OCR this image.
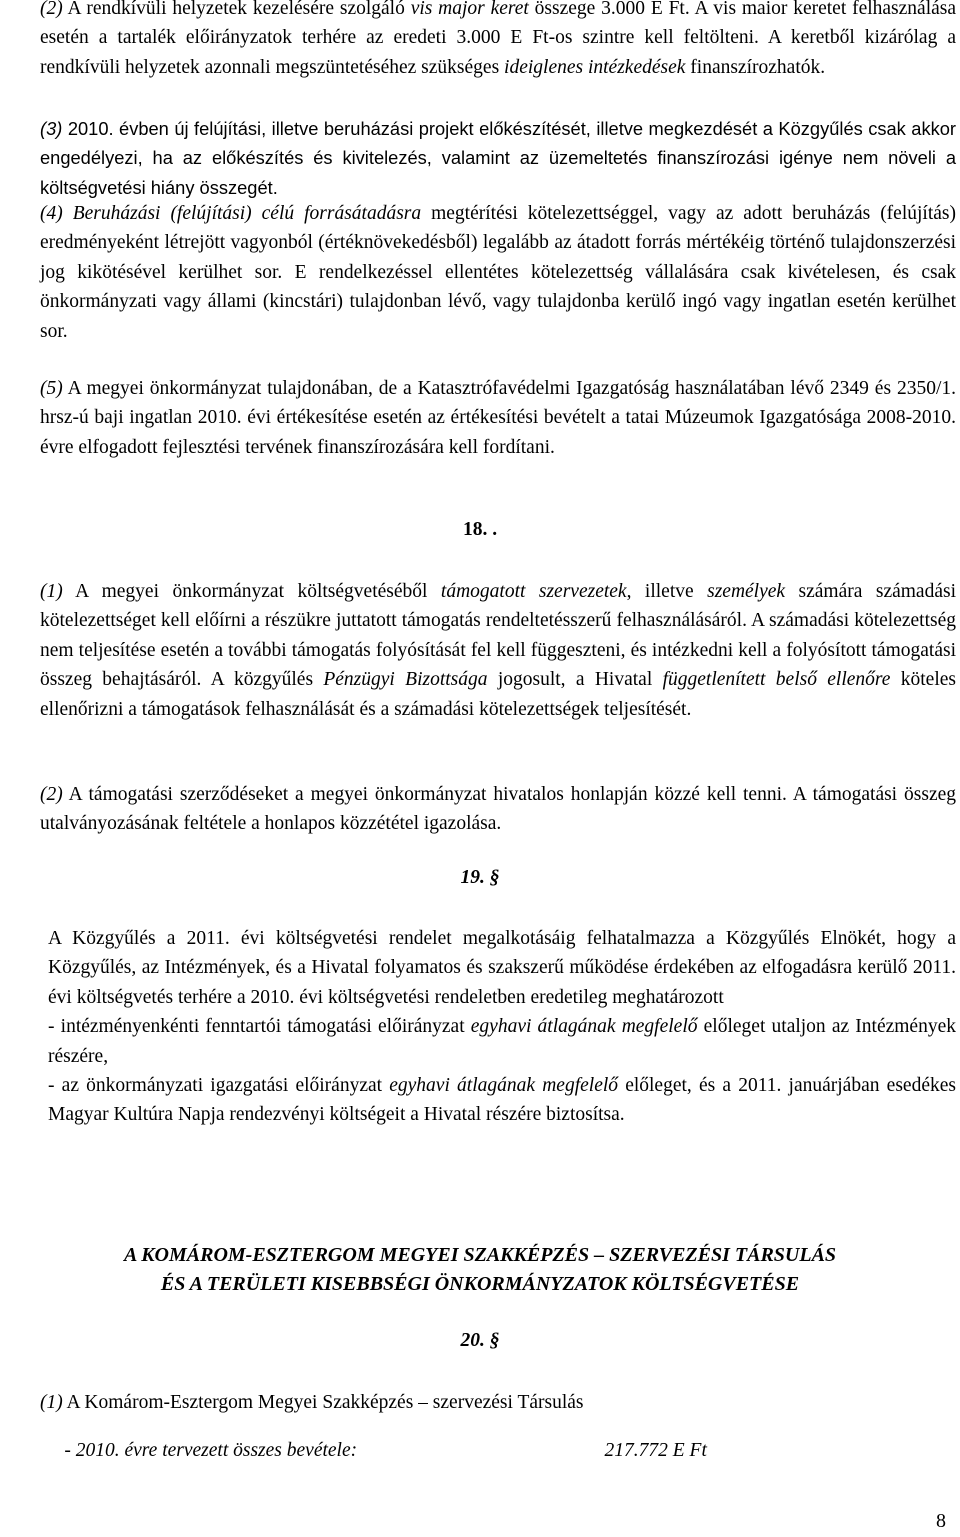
(2) A rendkívüli helyzetek kezelésére szolgáló vis major keret összege 3.000 E Ft. A vis maior keretet felhasználása esetén a tartalék előirányzatok terhére az eredeti 3.000 E Ft-os szintre kell feltölteni. A keretből kizárólag a rendkívüli helyzetek azonnali megszüntetéséhez szükséges ideiglenes intézkedések finanszírozhatók.
(3) 2010. évben új felújítási, illetve beruházási projekt előkészítését, illetve megkezdését a Közgyűlés csak akkor engedélyezi, ha az előkészítés és kivitelezés, valamint az üzemeltetés finanszírozási igénye nem növeli a költségvetési hiány összegét.
(4) Beruházási (felújítási) célú forrásátadásra megtérítési kötelezettséggel, vagy az adott beruházás (felújítás) eredményeként létrejött vagyonból (értéknövekedésből) legalább az átadott forrás mértékéig történő tulajdonszerzési jog kikötésével kerülhet sor. E rendelkezéssel ellentétes kötelezettség vállalására csak kivételesen, és csak önkormányzati vagy állami (kincstári) tulajdonban lévő, vagy tulajdonba kerülő ingó vagy ingatlan esetén kerülhet sor.
(5) A megyei önkormányzat tulajdonában, de a Katasztrófavédelmi Igazgatóság használatában lévő 2349 és 2350/1. hrsz-ú baji ingatlan 2010. évi értékesítése esetén az értékesítési bevételt a tatai Múzeumok Igazgatósága 2008-2010. évre elfogadott fejlesztési tervének finanszírozására kell fordítani.
18. .
(1) A megyei önkormányzat költségvetéséből támogatott szervezetek, illetve személyek számára számadási kötelezettséget kell előírni a részükre juttatott támogatás rendeltetésszerű felhasználásáról. A számadási kötelezettség nem teljesítése esetén a további támogatás folyósítását fel kell függeszteni, és intézkedni kell a folyósított támogatási összeg behajtásáról. A közgyűlés Pénzügyi Bizottsága jogosult, a Hivatal függetlenített belső ellenőre köteles ellenőrizni a támogatások felhasználását és a számadási kötelezettségek teljesítését.
(2) A támogatási szerződéseket a megyei önkormányzat hivatalos honlapján közzé kell tenni. A támogatási összeg utalványozásának feltétele a honlapos közzététel igazolása.
19. §
A Közgyűlés a 2011. évi költségvetési rendelet megalkotásáig felhatalmazza a Közgyűlés Elnökét, hogy a Közgyűlés, az Intézmények, és a Hivatal folyamatos és szakszerű működése érdekében az elfogadásra kerülő 2011. évi költségvetés terhére a 2010. évi költségvetési rendeletben eredetileg meghatározott
- intézményenkénti fenntartói támogatási előirányzat egyhavi átlagának megfelelő előleget utaljon az Intézmények részére,
- az önkormányzati igazgatási előirányzat egyhavi átlagának megfelelő előleget, és a 2011. januárjában esedékes Magyar Kultúra Napja rendezvényi költségeit a Hivatal részére biztosítsa.
A KOMÁROM-ESZTERGOM MEGYEI SZAKKÉPZÉS – SZERVEZÉSI TÁRSULÁS
ÉS A TERÜLETI KISEBBSÉGI ÖNKORMÁNYZATOK KÖLTSÉGVETÉSE
20. §
(1) A Komárom-Esztergom Megyei Szakképzés – szervezési Társulás

- 2010. évre tervezett összes bevétele:
	217.772 E Ft

8
